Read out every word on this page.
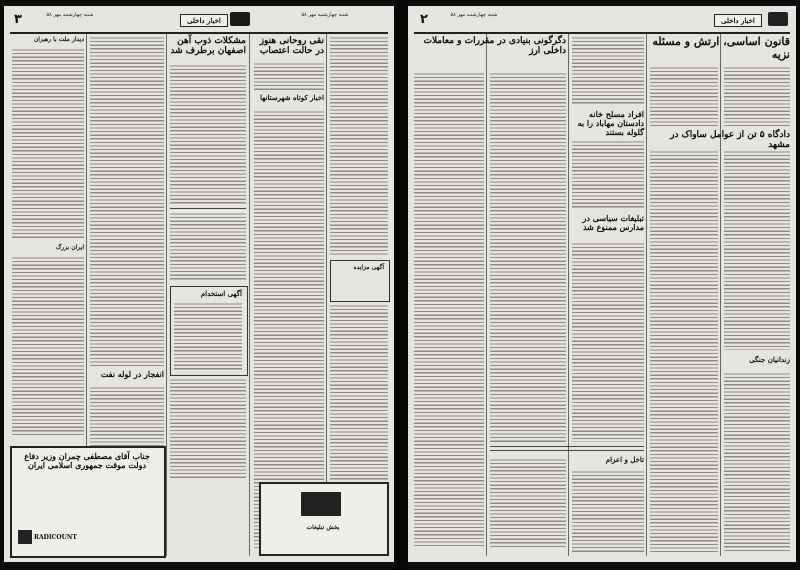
۳	شنبه چهارشنبه مهر ۵۸
اخبار داخلی
شنبه چهارشنبه مهر ۵۸
نقی روحانی هنوز در حالت اعتصاب
اخبار کوتاه شهرستانها
آگهی مزایده
مشکلات ذوب آهن اصفهان برطرف شد
آگهی استخدام
انفجار در لوله نفت
دیدار ملت با رهبران
ایران بزرگ
جناب آقای مصطفی چمران وزیر دفاع دولت موقت جمهوری اسلامی ایران
RADICOUNT
بخش تبلیغات
۲	شنبه چهارشنبه مهر ۵۸
اخبار داخلی
قانون اساسی، ارتش و مسئله نزیه
دادگاه ۵ تن از عوامل ساواک در مشهد
زندانیان جنگی
افراد مسلح خانه دادستان مهاباد را به گلوله بستند
تبلیغات سیاسی در مدارس ممنوع شد
تاخل و اعزام
دگرگونی بنیادی در مقررات و معاملات داخلی ارز
